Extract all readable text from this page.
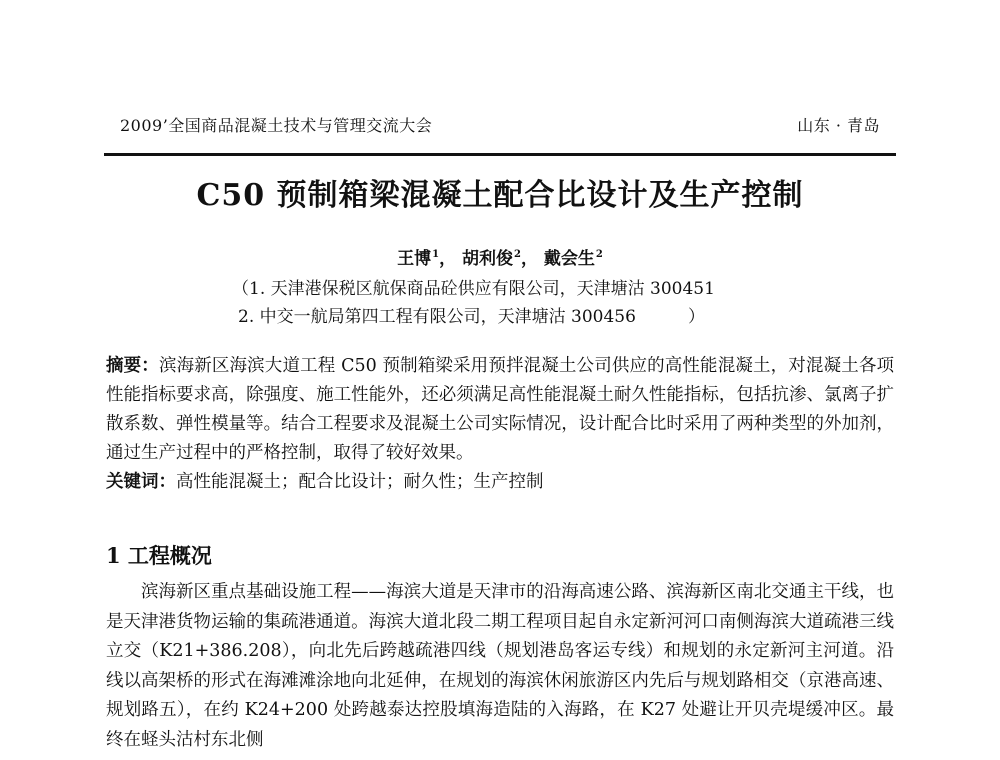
2009’全国商品混凝土技术与管理交流大会	山东 · 青岛
C50 预制箱梁混凝土配合比设计及生产控制
王博$^1$， 胡利俊$^2$， 戴会生$^2$
（1. 天津港保税区航保商品砼供应有限公司，天津塘沽 300451
2. 中交一航局第四工程有限公司，天津塘沽 300456	）
摘要：滨海新区海滨大道工程 C50 预制箱梁采用预拌混凝土公司供应的高性能混凝土，对混凝土各项性能指标要求高，除强度、施工性能外，还必须满足高性能混凝土耐久性能指标，包括抗渗、氯离子扩散系数、弹性模量等。结合工程要求及混凝土公司实际情况，设计配合比时采用了两种类型的外加剂，通过生产过程中的严格控制，取得了较好效果。
关键词：高性能混凝土；配合比设计；耐久性；生产控制
1 工程概况
滨海新区重点基础设施工程——海滨大道是天津市的沿海高速公路、滨海新区南北交通主干线，也是天津港货物运输的集疏港通道。海滨大道北段二期工程项目起自永定新河河口南侧海滨大道疏港三线立交（K21+386.208），向北先后跨越疏港四线（规划港岛客运专线）和规划的永定新河主河道。沿线以高架桥的形式在海滩滩涂地向北延伸，在规划的海滨休闲旅游区内先后与规划路相交（京港高速、规划路五），在约 K24+200 处跨越泰达控股填海造陆的入海路，在 K27 处避让开贝壳堤缓冲区。最终在蛏头沽村东北侧
